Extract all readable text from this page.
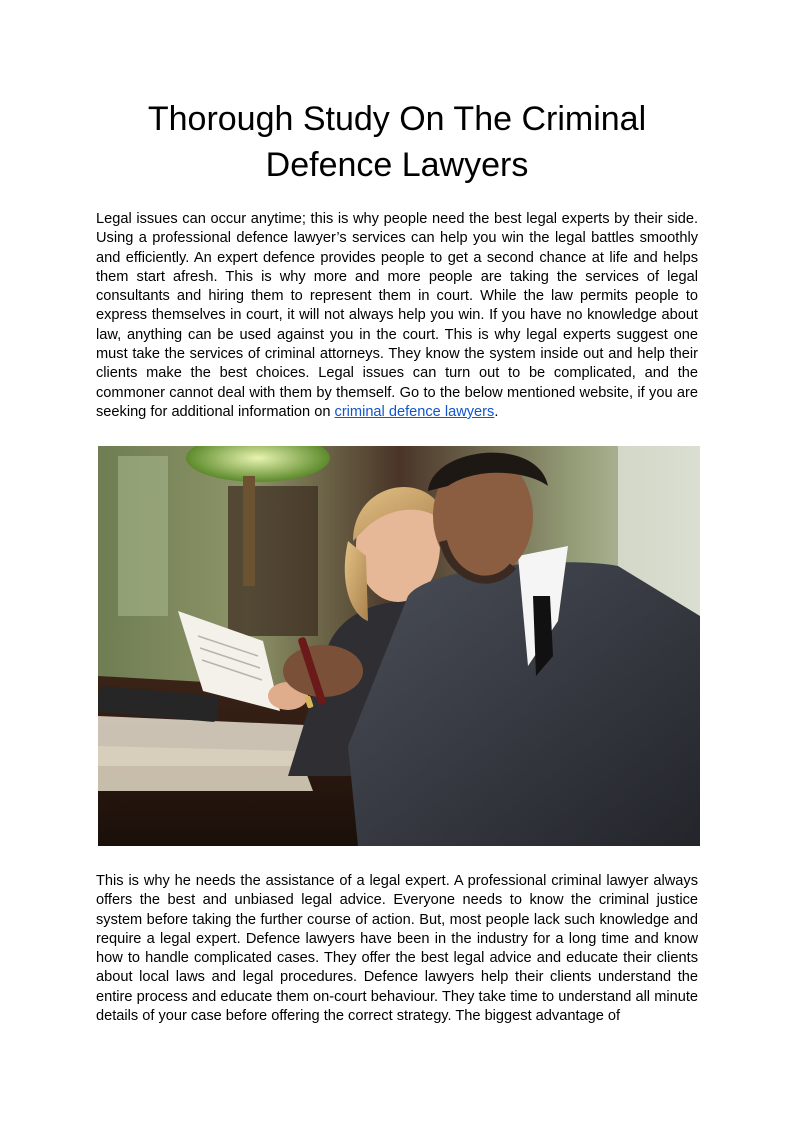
Thorough Study On The Criminal Defence Lawyers

Legal issues can occur anytime; this is why people need the best legal experts by their side. Using a professional defence lawyer’s services can help you win the legal battles smoothly and efficiently. An expert defence provides people to get a second chance at life and helps them start afresh. This is why more and more people are taking the services of legal consultants and hiring them to represent them in court. While the law permits people to express themselves in court, it will not always help you win. If you have no knowledge about law, anything can be used against you in the court. This is why legal experts suggest one must take the services of criminal attorneys. They know the system inside out and help their clients make the best choices. Legal issues can turn out to be complicated, and the commoner cannot deal with them by themself. Go to the below mentioned website, if you are seeking for additional information on criminal defence lawyers.

This is why he needs the assistance of a legal expert. A professional criminal lawyer always offers the best and unbiased legal advice. Everyone needs to know the criminal justice system before taking the further course of action. But, most people lack such knowledge and require a legal expert. Defence lawyers have been in the industry for a long time and know how to handle complicated cases. They offer the best legal advice and educate their clients about local laws and legal procedures. Defence lawyers help their clients understand the entire process and educate them on-court behaviour. They take time to understand all minute details of your case before offering the correct strategy. The biggest advantage of
